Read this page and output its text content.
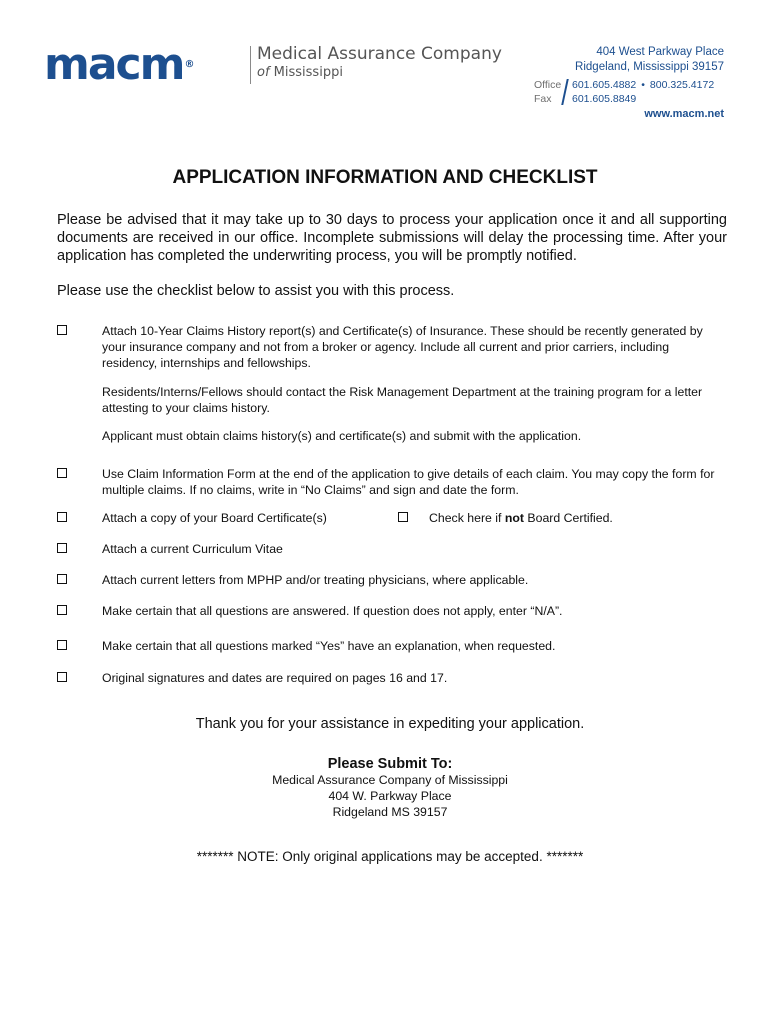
macm®
Medical Assurance Company
of Mississippi
404 West Parkway Place
Ridgeland, Mississippi 39157
Office
Fax
601.605.4882 • 800.325.4172
601.605.8849
www.macm.net
APPLICATION INFORMATION AND CHECKLIST
Please be advised that it may take up to 30 days to process your application once it and all supporting documents are received in our office. Incomplete submissions will delay the processing time. After your application has completed the underwriting process, you will be promptly notified.
Please use the checklist below to assist you with this process.
Attach 10-Year Claims History report(s) and Certificate(s) of Insurance. These should be recently generated by your insurance company and not from a broker or agency. Include all current and prior carriers, including residency, internships and fellowships.
Residents/Interns/Fellows should contact the Risk Management Department at the training program for a letter attesting to your claims history.
Applicant must obtain claims history(s) and certificate(s) and submit with the application.
Use Claim Information Form at the end of the application to give details of each claim. You may copy the form for multiple claims. If no claims, write in “No Claims” and sign and date the form.
Attach a copy of your Board Certificate(s)	Check here if not Board Certified.
Attach a current Curriculum Vitae
Attach current letters from MPHP and/or treating physicians, where applicable.
Make certain that all questions are answered. If question does not apply, enter “N/A”.
Make certain that all questions marked “Yes” have an explanation, when requested.
Original signatures and dates are required on pages 16 and 17.
Thank you for your assistance in expediting your application.
Please Submit To:
Medical Assurance Company of Mississippi
404 W. Parkway Place
Ridgeland MS 39157
******* NOTE: Only original applications may be accepted. *******
